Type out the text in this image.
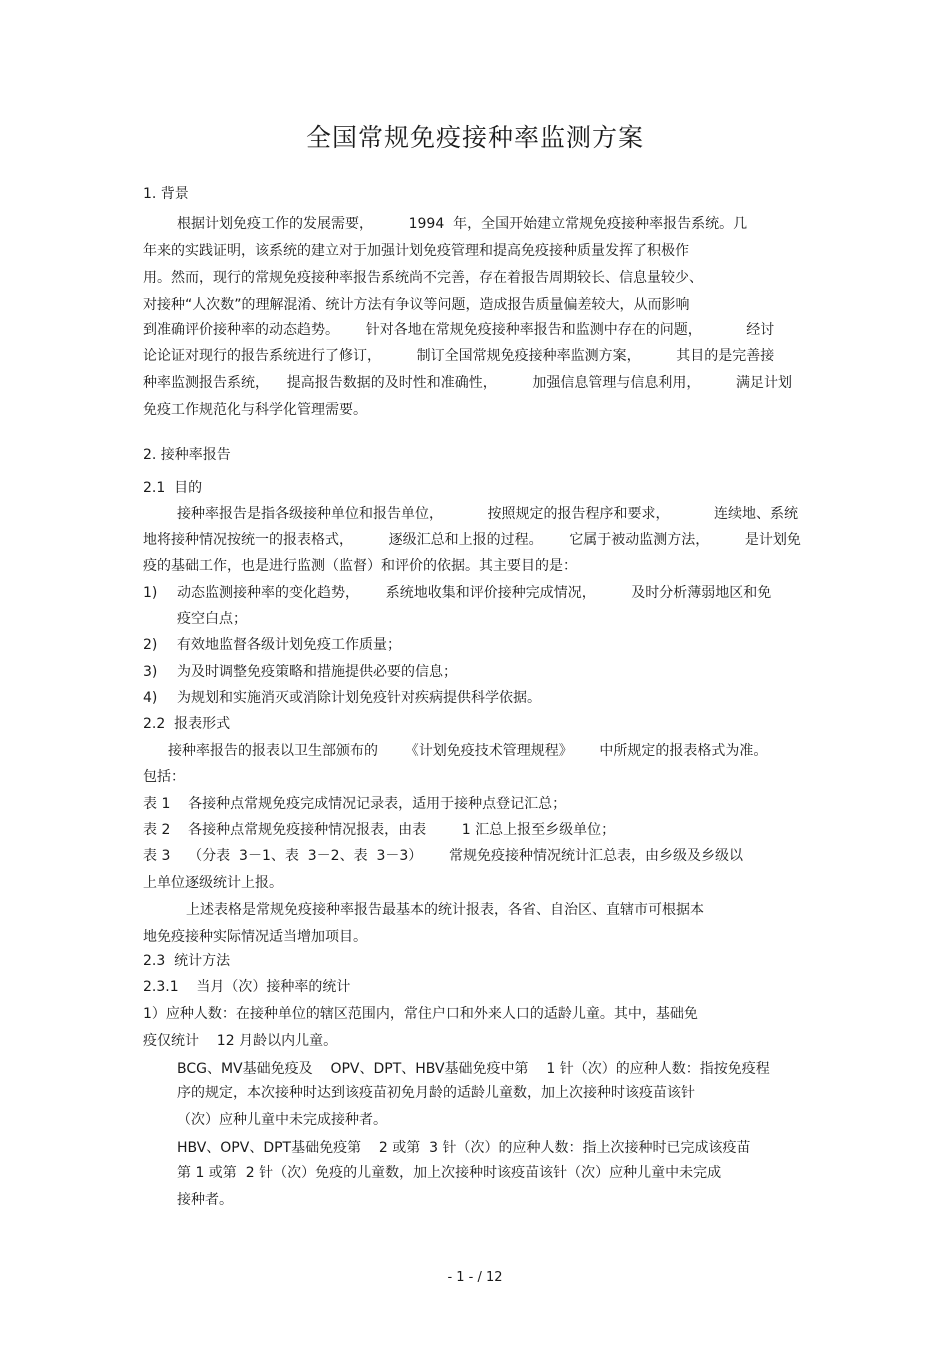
全国常规免疫接种率监测方案
1. 背景
根据计划免疫工作的发展需要，        1994  年，全国开始建立常规免疫接种率报告系统。几
年来的实践证明，该系统的建立对于加强计划免疫管理和提高免疫接种质量发挥了积极作
用。然而，现行的常规免疫接种率报告系统尚不完善，存在着报告周期较长、信息量较少、
对接种“人次数”的理解混淆、统计方法有争议等问题，造成报告质量偏差较大，从而影响
到准确评价接种率的动态趋势。      针对各地在常规免疫接种率报告和监测中存在的问题，          经讨
论论证对现行的报告系统进行了修订，        制订全国常规免疫接种率监测方案，        其目的是完善接
种率监测报告系统，    提高报告数据的及时性和准确性，        加强信息管理与信息利用，        满足计划
免疫工作规范化与科学化管理需要。
2. 接种率报告
2.1  目的
接种率报告是指各级接种单位和报告单位，          按照规定的报告程序和要求，          连续地、系统
地将接种情况按统一的报表格式，        逐级汇总和上报的过程。      它属于被动监测方法，        是计划免
疫的基础工作，也是进行监测（监督）和评价的依据。其主要目的是：
1) 动态监测接种率的变化趋势，      系统地收集和评价接种完成情况，        及时分析薄弱地区和免
疫空白点；
2) 有效地监督各级计划免疫工作质量；
3) 为及时调整免疫策略和措施提供必要的信息；
4) 为规划和实施消灭或消除计划免疫针对疾病提供科学依据。
2.2  报表形式
接种率报告的报表以卫生部颁布的      《计划免疫技术管理规程》      中所规定的报表格式为准。
包括：
表 1    各接种点常规免疫完成情况记录表，适用于接种点登记汇总；
表 2    各接种点常规免疫接种情况报表，由表        1 汇总上报至乡级单位；
表 3    （分表  3－1、表  3－2、表  3－3）      常规免疫接种情况统计汇总表，由乡级及乡级以
上单位逐级统计上报。
上述表格是常规免疫接种率报告最基本的统计报表，各省、自治区、直辖市可根据本
地免疫接种实际情况适当增加项目。
2.3  统计方法
2.3.1    当月（次）接种率的统计
1）应种人数：在接种单位的辖区范围内，常住户口和外来人口的适龄儿童。其中，基础免
疫仅统计    12 月龄以内儿童。
BCG、MV基础免疫及    OPV、DPT、HBV基础免疫中第    1 针（次）的应种人数：指按免疫程
序的规定，本次接种时达到该疫苗初免月龄的适龄儿童数，加上次接种时该疫苗该针
（次）应种儿童中未完成接种者。
HBV、OPV、DPT基础免疫第    2 或第  3 针（次）的应种人数：指上次接种时已完成该疫苗
第 1 或第  2 针（次）免疫的儿童数，加上次接种时该疫苗该针（次）应种儿童中未完成
接种者。
- 1 - / 12
